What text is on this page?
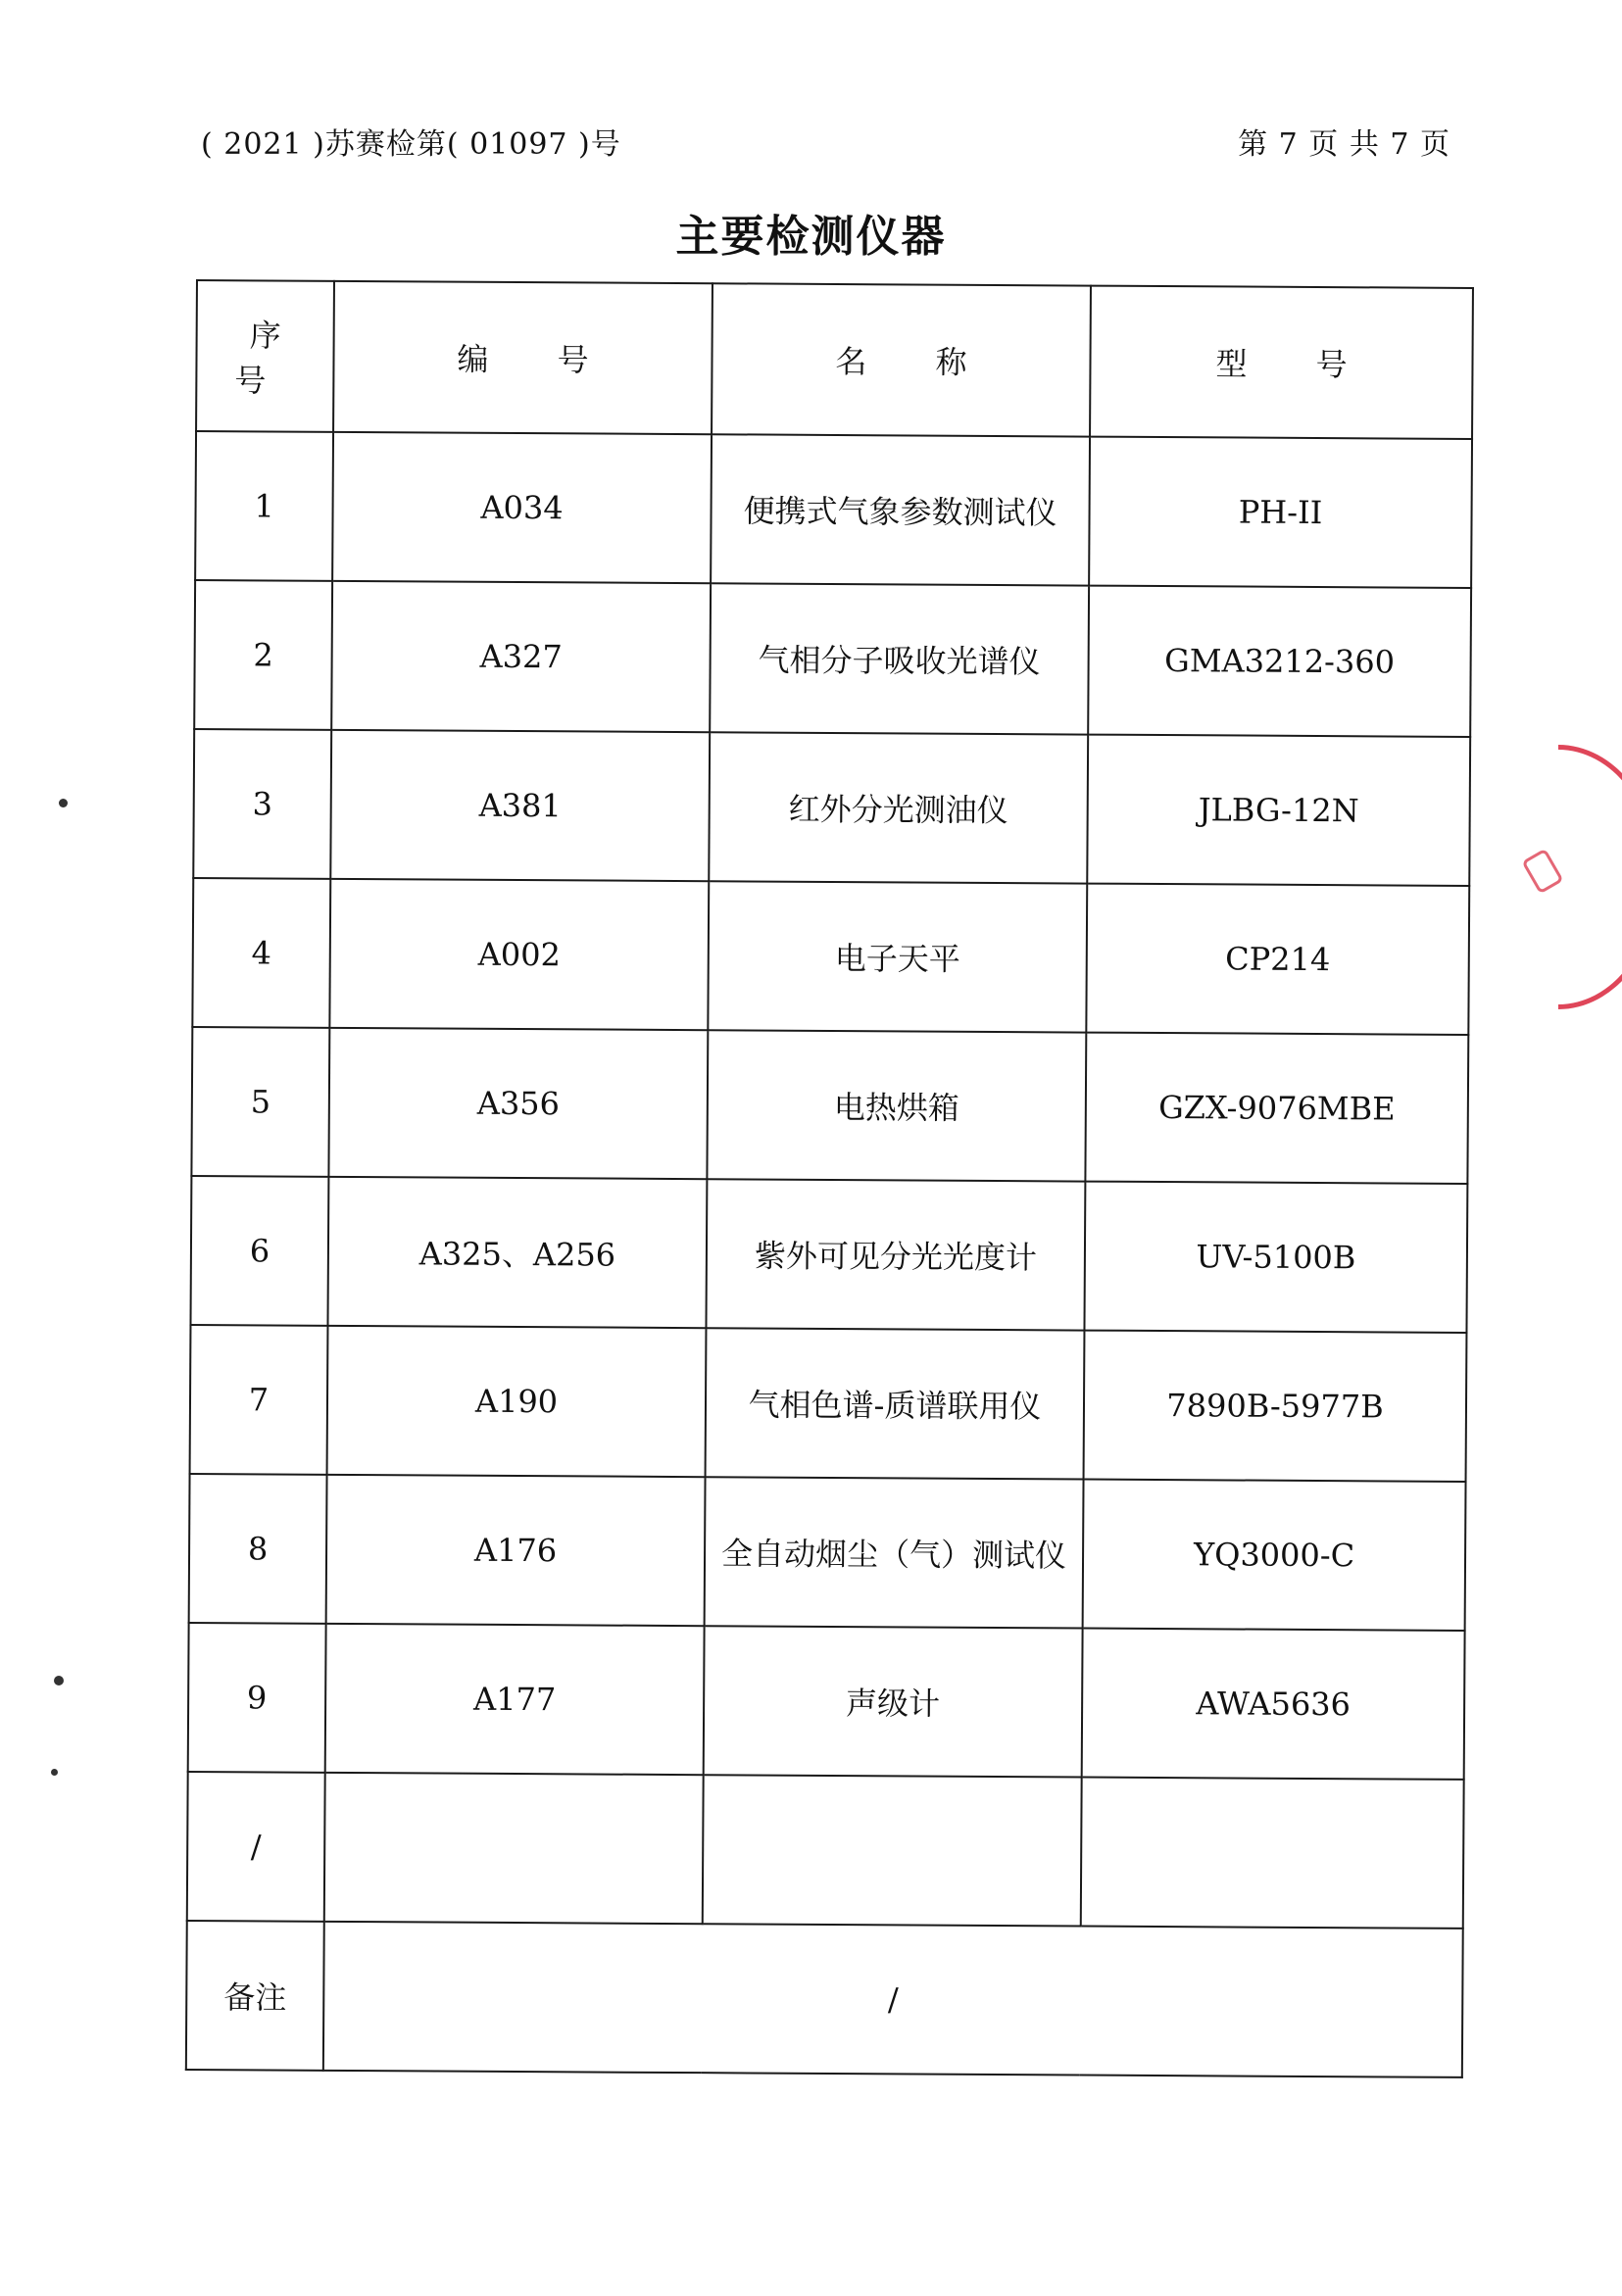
( 2021 )苏赛检第( 01097 )号	第 7 页 共 7 页
主要检测仪器
序 号	编 号	名 称	型 号
1	A034	便携式气象参数测试仪	PH-II
2	A327	气相分子吸收光谱仪	GMA3212-360
3	A381	红外分光测油仪	JLBG-12N
4	A002	电子天平	CP214
5	A356	电热烘箱	GZX-9076MBE
6	A325、A256	紫外可见分光光度计	UV-5100B
7	A190	气相色谱-质谱联用仪	7890B-5977B
8	A176	全自动烟尘（气）测试仪	YQ3000-C
9	A177	声级计	AWA5636
/			
备注	/		
